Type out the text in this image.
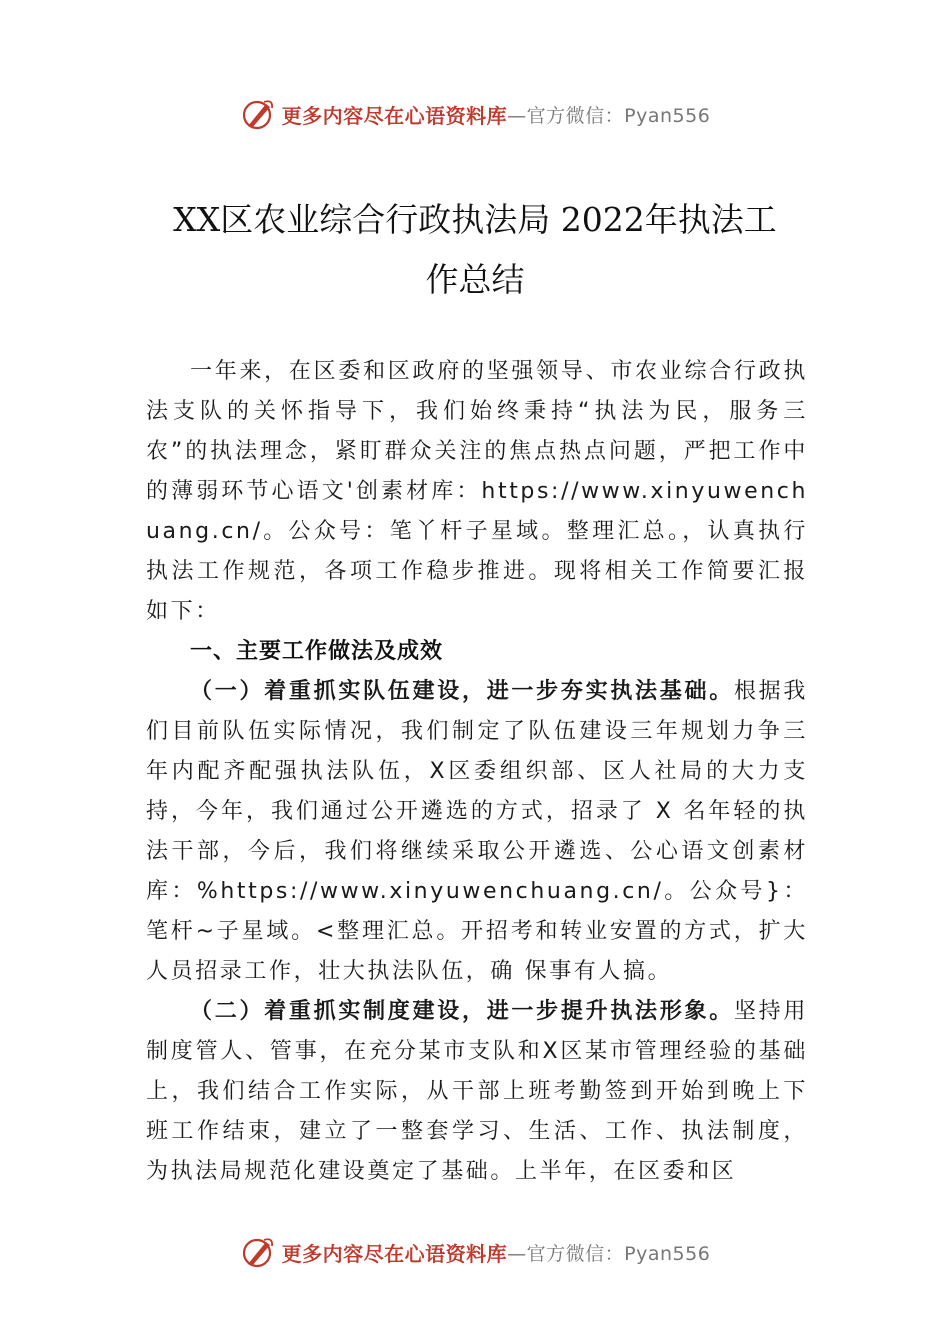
更多内容尽在心语资料库 —官方微信：Pyan556
XX区农业综合行政执法局 2022年执法工
作总结

一年来，在区委和区政府的坚强领导、市农业综合行政执法支队的关怀指导下，我们始终秉持“执法为民，服务三农”的执法理念，紧盯群众关注的焦点热点问题，严把工作中的薄弱环节心语文'创素材库：https://www.xinyuwenchuang.cn/。公众号：笔丫杆子星域。整理汇总。，认真执行执法工作规范，各项工作稳步推进。现将相关工作简要汇报如下：

一、主要工作做法及成效

（一）着重抓实队伍建设，进一步夯实执法基础。根据我们目前队伍实际情况，我们制定了队伍建设三年规划力争三年内配齐配强执法队伍，X区委组织部、区人社局的大力支持，今年，我们通过公开遴选的方式，招录了 X 名年轻的执法干部，今后，我们将继续采取公开遴选、公心语文创素材库：%https://www.xinyuwenchuang.cn/。公众号}：笔杆~子星域。<整理汇总。开招考和转业安置的方式，扩大人员招录工作，壮大执法队伍，确 保事有人搞。

（二）着重抓实制度建设，进一步提升执法形象。坚持用制度管人、管事，在充分某市支队和X区某市管理经验的基础上，我们结合工作实际，从干部上班考勤签到开始到晚上下班工作结束，建立了一整套学习、生活、工作、执法制度，为执法局规范化建设奠定了基础。上半年，在区委和区

更多内容尽在心语资料库 —官方微信：Pyan556
